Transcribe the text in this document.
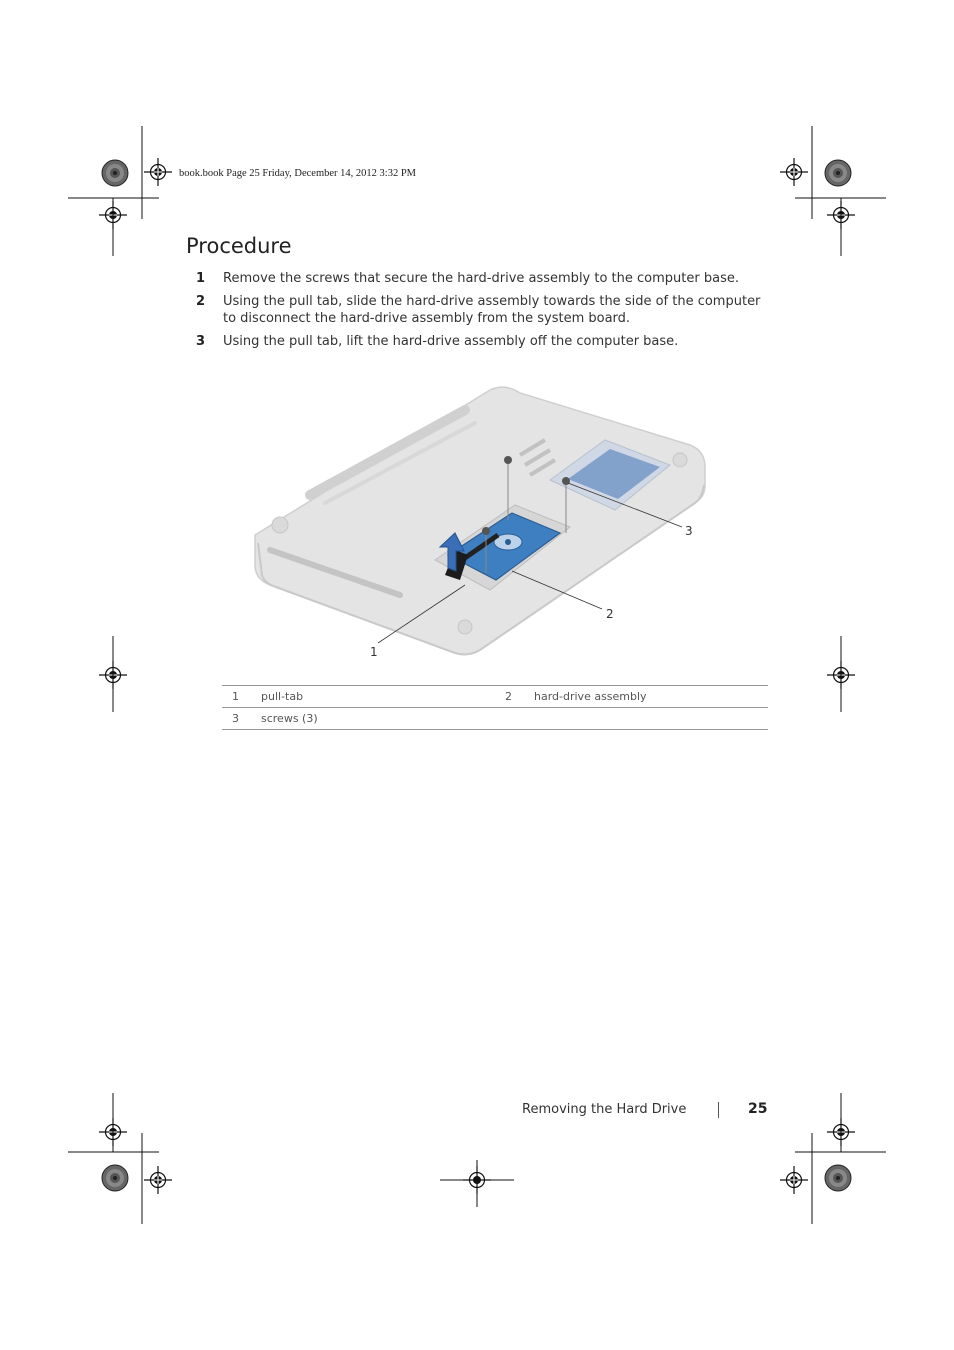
book.book Page 25 Friday, December 14, 2012 3:32 PM
Procedure
1 Remove the screws that secure the hard-drive assembly to the computer base.
2 Using the pull tab, slide the hard-drive assembly towards the side of the computer to disconnect the hard-drive assembly from the system board.
3 Using the pull tab, lift the hard-drive assembly off the computer base.
1
2
3
1	pull-tab	2	hard-drive assembly
3	screws (3)		
Removing the Hard Drive	25
